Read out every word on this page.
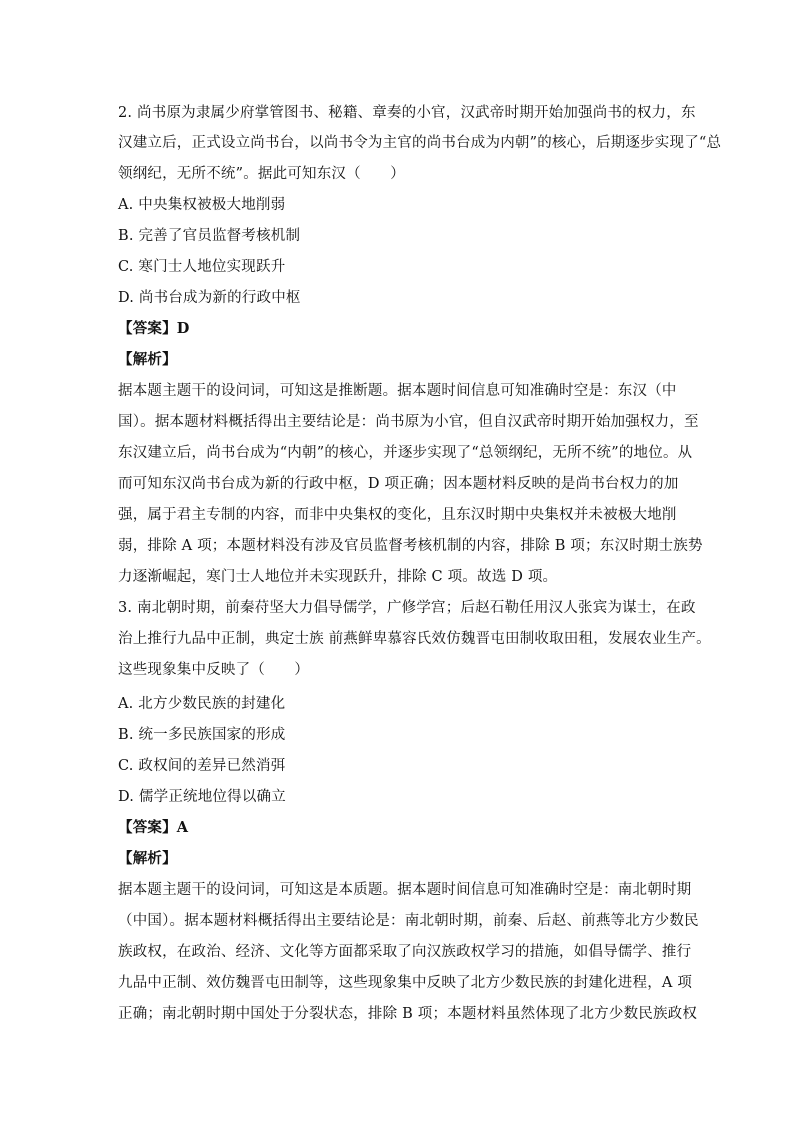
2. 尚书原为隶属少府掌管图书、秘籍、章奏的小官，汉武帝时期开始加强尚书的权力，东
汉建立后，正式设立尚书台，以尚书令为主官的尚书台成为内朝”的核心，后期逐步实现了“总
领纲纪，无所不统”。据此可知东汉（　　）
A. 中央集权被极大地削弱
B. 完善了官员监督考核机制
C. 寒门士人地位实现跃升
D. 尚书台成为新的行政中枢
【答案】D
【解析】
据本题主题干的设问词，可知这是推断题。据本题时间信息可知准确时空是：东汉（中
国）。据本题材料概括得出主要结论是：尚书原为小官，但自汉武帝时期开始加强权力，至
东汉建立后，尚书台成为“内朝”的核心，并逐步实现了“总领纲纪，无所不统”的地位。从
而可知东汉尚书台成为新的行政中枢，D 项正确；因本题材料反映的是尚书台权力的加
强，属于君主专制的内容，而非中央集权的变化，且东汉时期中央集权并未被极大地削
弱，排除 A 项；本题材料没有涉及官员监督考核机制的内容，排除 B 项；东汉时期士族势
力逐渐崛起，寒门士人地位并未实现跃升，排除 C 项。故选 D 项。
3. 南北朝时期，前秦苻坚大力倡导儒学，广修学宫；后赵石勒任用汉人张宾为谋士，在政
治上推行九品中正制，典定士族 前燕鲜卑慕容氏效仿魏晋屯田制收取田租，发展农业生产。
这些现象集中反映了（　　）
A. 北方少数民族的封建化
B. 统一多民族国家的形成
C. 政权间的差异已然消弭
D. 儒学正统地位得以确立
【答案】A
【解析】
据本题主题干的设问词，可知这是本质题。据本题时间信息可知准确时空是：南北朝时期
（中国）。据本题材料概括得出主要结论是：南北朝时期，前秦、后赵、前燕等北方少数民
族政权，在政治、经济、文化等方面都采取了向汉族政权学习的措施，如倡导儒学、推行
九品中正制、效仿魏晋屯田制等，这些现象集中反映了北方少数民族的封建化进程，A 项
正确；南北朝时期中国处于分裂状态，排除 B 项；本题材料虽然体现了北方少数民族政权
